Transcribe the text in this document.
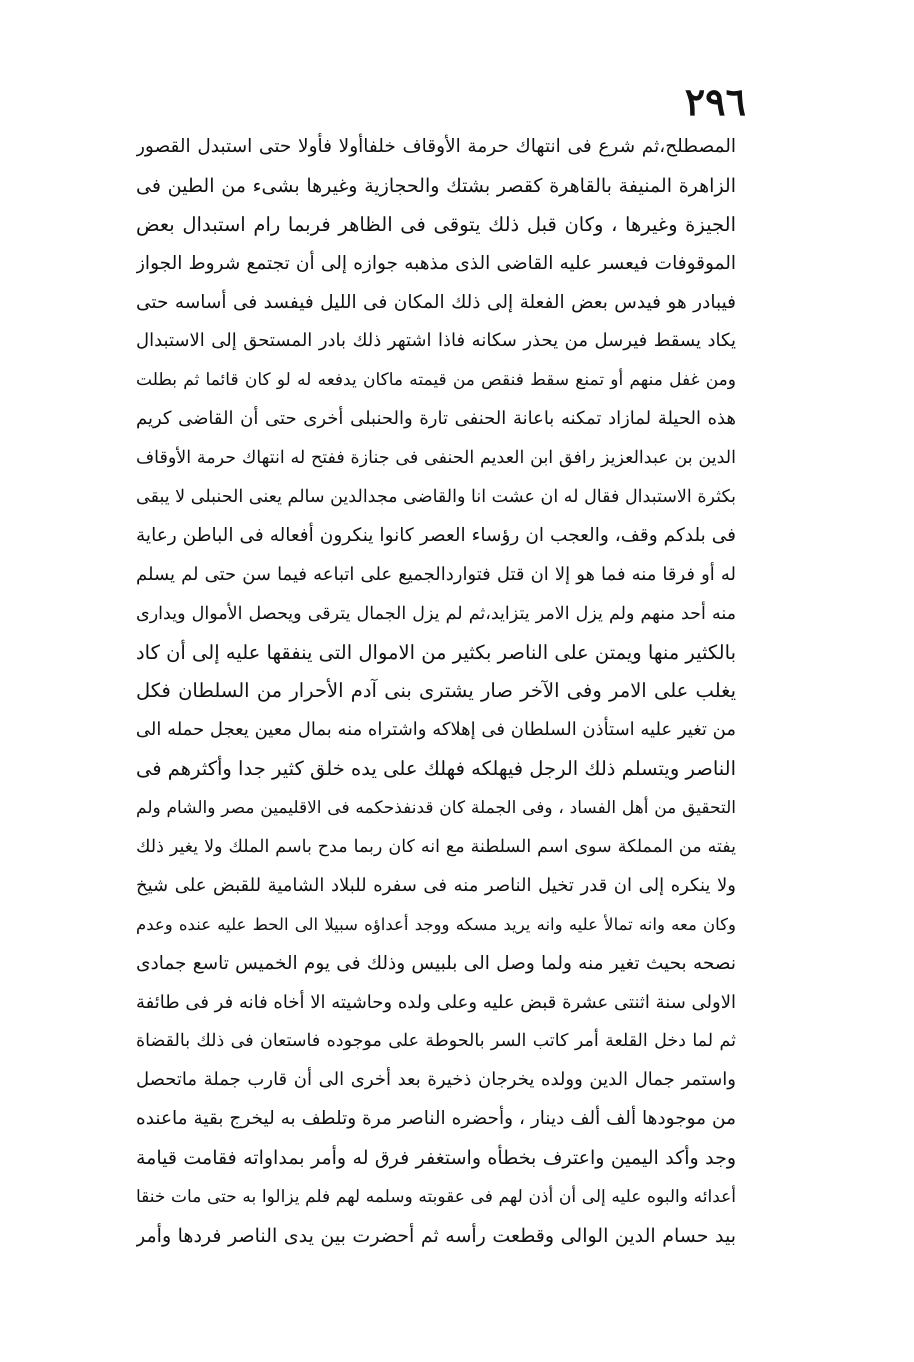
٢٩٦
المصطلح،ثم شرع فى انتهاك حرمة الأوقاف خلفاأولا فأولا حتى استبدل القصور
الزاهرة المنيفة بالقاهرة كقصر بشتك والحجازية وغيرها بشىء من الطين فى
الجيزة وغيرها ، وكان قبل ذلك يتوقى فى الظاهر فربما رام استبدال بعض
الموقوفات فيعسر عليه القاضى الذى مذهبه جوازه إلى أن تجتمع شروط الجواز
فيبادر هو فيدس بعض الفعلة إلى ذلك المكان فى الليل فيفسد فى أساسه حتى
يكاد يسقط فيرسل من يحذر سكانه فاذا اشتهر ذلك بادر المستحق إلى الاستبدال
ومن غفل منهم أو تمنع سقط فنقص من قيمته ماكان يدفعه له لو كان قائما ثم بطلت
هذه الحيلة لمازاد تمكنه باعانة الحنفى تارة والحنبلى أخرى حتى أن القاضى كريم
الدين بن عبدالعزيز رافق ابن العديم الحنفى فى جنازة ففتح له انتهاك حرمة الأوقاف
بكثرة الاستبدال فقال له ان عشت انا والقاضى مجدالدين سالم يعنى الحنبلى لا يبقى
فى بلدكم وقف، والعجب ان رؤساء العصر كانوا ينكرون أفعاله فى الباطن رعاية
له أو فرقا منه فما هو إلا ان قتل فتواردالجميع على اتباعه فيما سن حتى لم يسلم
منه أحد منهم ولم يزل الامر يتزايد،ثم لم يزل الجمال يترقى ويحصل الأموال ويدارى
بالكثير منها ويمتن على الناصر بكثير من الاموال التى ينفقها عليه إلى أن كاد
يغلب على الامر وفى الآخر صار يشترى بنى آدم الأحرار من السلطان فكل
من تغير عليه استأذن السلطان فى إهلاكه واشتراه منه بمال معين يعجل حمله الى
الناصر ويتسلم ذلك الرجل فيهلكه فهلك على يده خلق كثير جدا وأكثرهم فى
التحقيق من أهل الفساد ، وفى الجملة كان قدنفذحكمه فى الاقليمين مصر والشام ولم
يفته من المملكة سوى اسم السلطنة مع انه كان ربما مدح باسم الملك ولا يغير ذلك
ولا ينكره إلى ان قدر تخيل الناصر منه فى سفره للبلاد الشامية للقبض على شيخ
وكان معه وانه تمالأ عليه وانه يريد مسكه ووجد أعداؤه سبيلا الى الحط عليه عنده وعدم
نصحه بحيث تغير منه ولما وصل الى بلبيس وذلك فى يوم الخميس تاسع جمادى
الاولى سنة اثنتى عشرة قبض عليه وعلى ولده وحاشيته الا أخاه فانه فر فى طائفة
ثم لما دخل القلعة أمر كاتب السر بالحوطة على موجوده فاستعان فى ذلك بالقضاة
واستمر جمال الدين وولده يخرجان ذخيرة بعد أخرى الى أن قارب جملة ماتحصل
من موجودها ألف ألف دينار ، وأحضره الناصر مرة وتلطف به ليخرج بقية ماعنده
وجد وأكد اليمين واعترف بخطأه واستغفر فرق له وأمر بمداواته فقامت قيامة
أعدائه والبوه عليه إلى أن أذن لهم فى عقوبته وسلمه لهم فلم يزالوا به حتى مات خنقا
بيد حسام الدين الوالى وقطعت رأسه ثم أحضرت بين يدى الناصر فردها وأمر
